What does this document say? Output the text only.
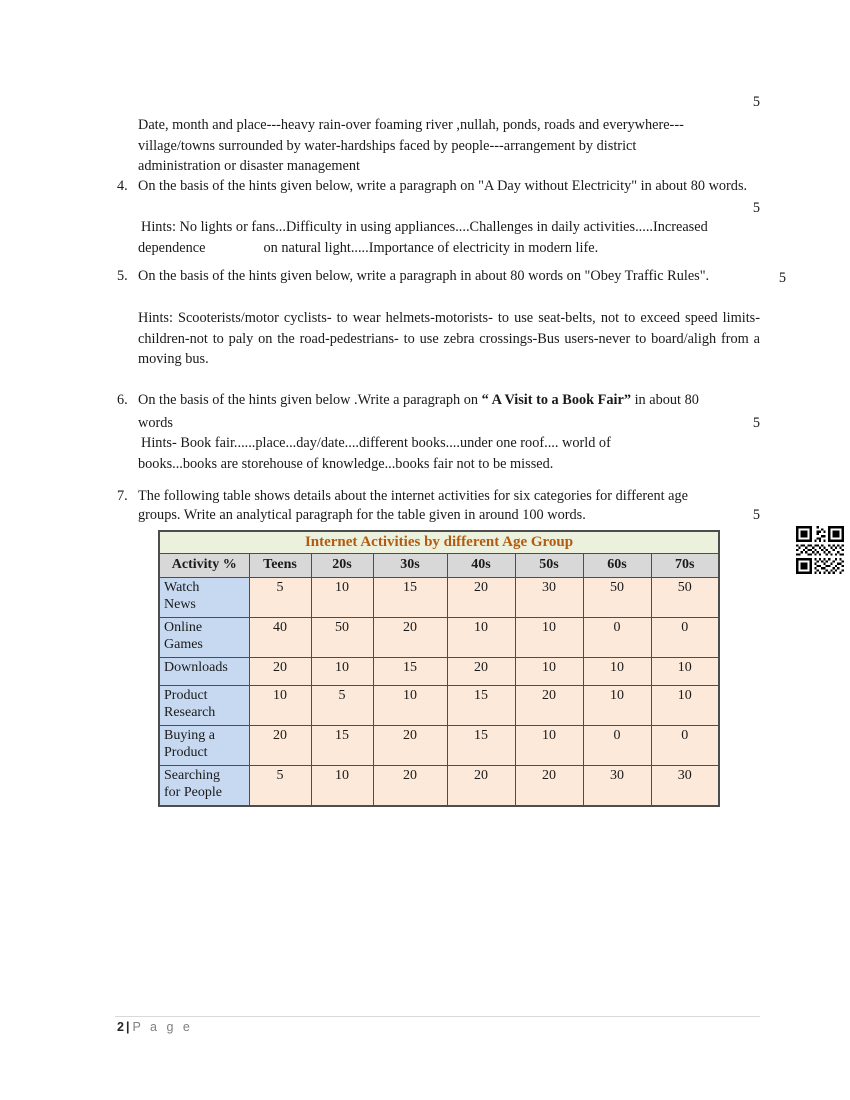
5
Date, month and place---heavy rain-over foaming river ,nullah, ponds, roads and everywhere---
village/towns surrounded by water-hardships faced by people---arrangement by district
administration or disaster management
4. On the basis of the hints given below, write a paragraph on "A Day without Electricity" in about 80 words.
5
Hints: No lights or fans...Difficulty in using appliances....Challenges in daily activities.....Increased
dependence	on natural light.....Importance of electricity in modern life.
5. On the basis of the hints given below, write a paragraph in about 80 words on "Obey Traffic Rules".	5
Hints: Scooterists/motor cyclists- to wear helmets-motorists- to use seat-belts, not to exceed speed limits-children-not to paly on the road-pedestrians- to use zebra crossings-Bus users-never to board/aligh from a moving bus.
6. On the basis of the hints given below .Write a paragraph on “ A Visit to a Book Fair” in about 80
words	5
Hints- Book fair......place...day/date....different books....under one roof.... world of
books...books are storehouse of knowledge...books fair not to be missed.
7. The following table shows details about the internet activities for six categories for different age
groups. Write an analytical paragraph for the table given in around 100 words.	5
Internet Activities by different Age Group							
Activity %	Teens	20s	30s	40s	50s	60s	70s
Watch News	5	10	15	20	30	50	50
Online Games	40	50	20	10	10	0	0
Downloads	20	10	15	20	10	10	10
Product Research	10	5	10	15	20	10	10
Buying a Product	20	15	20	15	10	0	0
Searching for People	5	10	20	20	20	30	30
2 | P a g e
